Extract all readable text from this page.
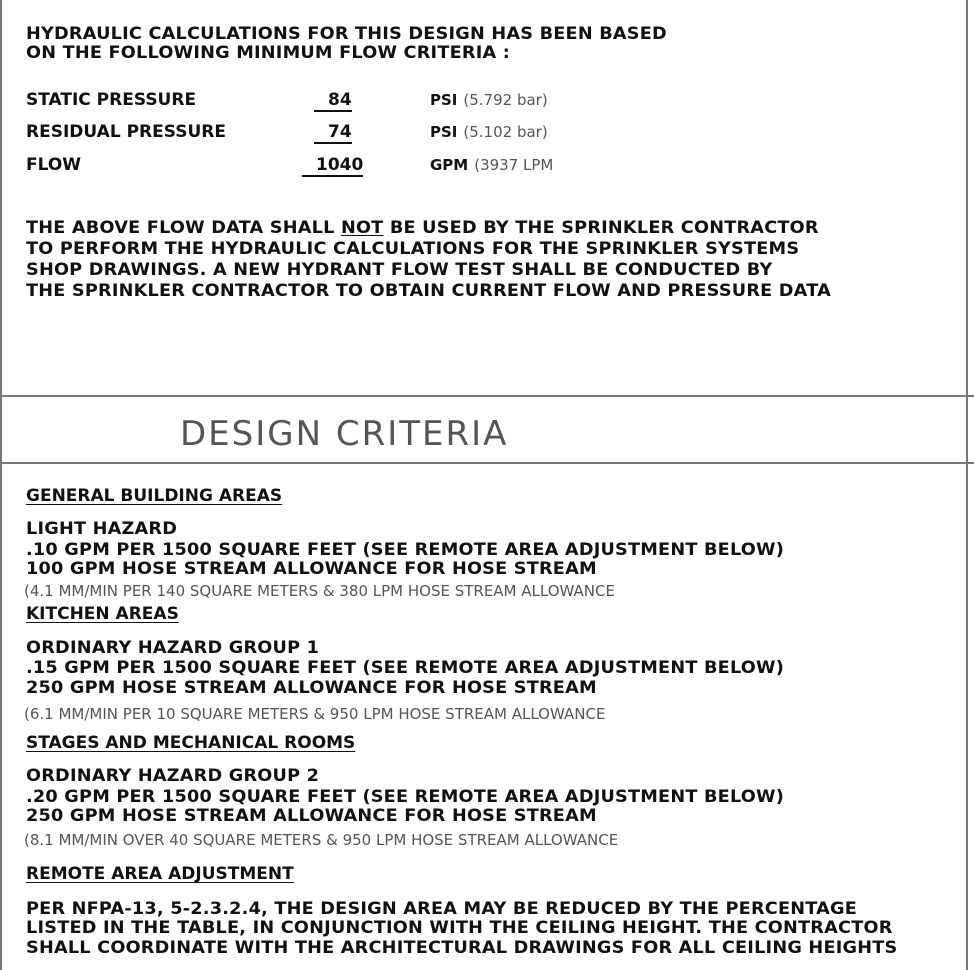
HYDRAULIC CALCULATIONS FOR THIS DESIGN HAS BEEN BASED
ON THE FOLLOWING MINIMUM FLOW CRITERIA :
STATIC PRESSURE	84	PSI (5.792 bar)
RESIDUAL PRESSURE	74	PSI (5.102 bar)
FLOW	1040	GPM (3937 LPM
THE ABOVE FLOW DATA SHALL NOT BE USED BY THE SPRINKLER CONTRACTOR
TO PERFORM THE HYDRAULIC CALCULATIONS FOR THE SPRINKLER SYSTEMS
SHOP DRAWINGS. A NEW HYDRANT FLOW TEST SHALL BE CONDUCTED BY
THE SPRINKLER CONTRACTOR TO OBTAIN CURRENT FLOW AND PRESSURE DATA
DESIGN CRITERIA
GENERAL BUILDING AREAS
LIGHT HAZARD
.10 GPM PER 1500 SQUARE FEET (SEE REMOTE AREA ADJUSTMENT BELOW)
100 GPM HOSE STREAM ALLOWANCE FOR HOSE STREAM
(4.1 MM/MIN PER 140 SQUARE METERS & 380 LPM HOSE STREAM ALLOWANCE
KITCHEN AREAS
ORDINARY HAZARD GROUP 1
.15 GPM PER 1500 SQUARE FEET (SEE REMOTE AREA ADJUSTMENT BELOW)
250 GPM HOSE STREAM ALLOWANCE FOR HOSE STREAM
(6.1 MM/MIN PER 10 SQUARE METERS & 950 LPM HOSE STREAM ALLOWANCE
STAGES AND MECHANICAL ROOMS
ORDINARY HAZARD GROUP 2
.20 GPM PER 1500 SQUARE FEET (SEE REMOTE AREA ADJUSTMENT BELOW)
250 GPM HOSE STREAM ALLOWANCE FOR HOSE STREAM
(8.1 MM/MIN OVER 40 SQUARE METERS & 950 LPM HOSE STREAM ALLOWANCE
REMOTE AREA ADJUSTMENT
PER NFPA-13, 5-2.3.2.4, THE DESIGN AREA MAY BE REDUCED BY THE PERCENTAGE
LISTED IN THE TABLE, IN CONJUNCTION WITH THE CEILING HEIGHT. THE CONTRACTOR
SHALL COORDINATE WITH THE ARCHITECTURAL DRAWINGS FOR ALL CEILING HEIGHTS
